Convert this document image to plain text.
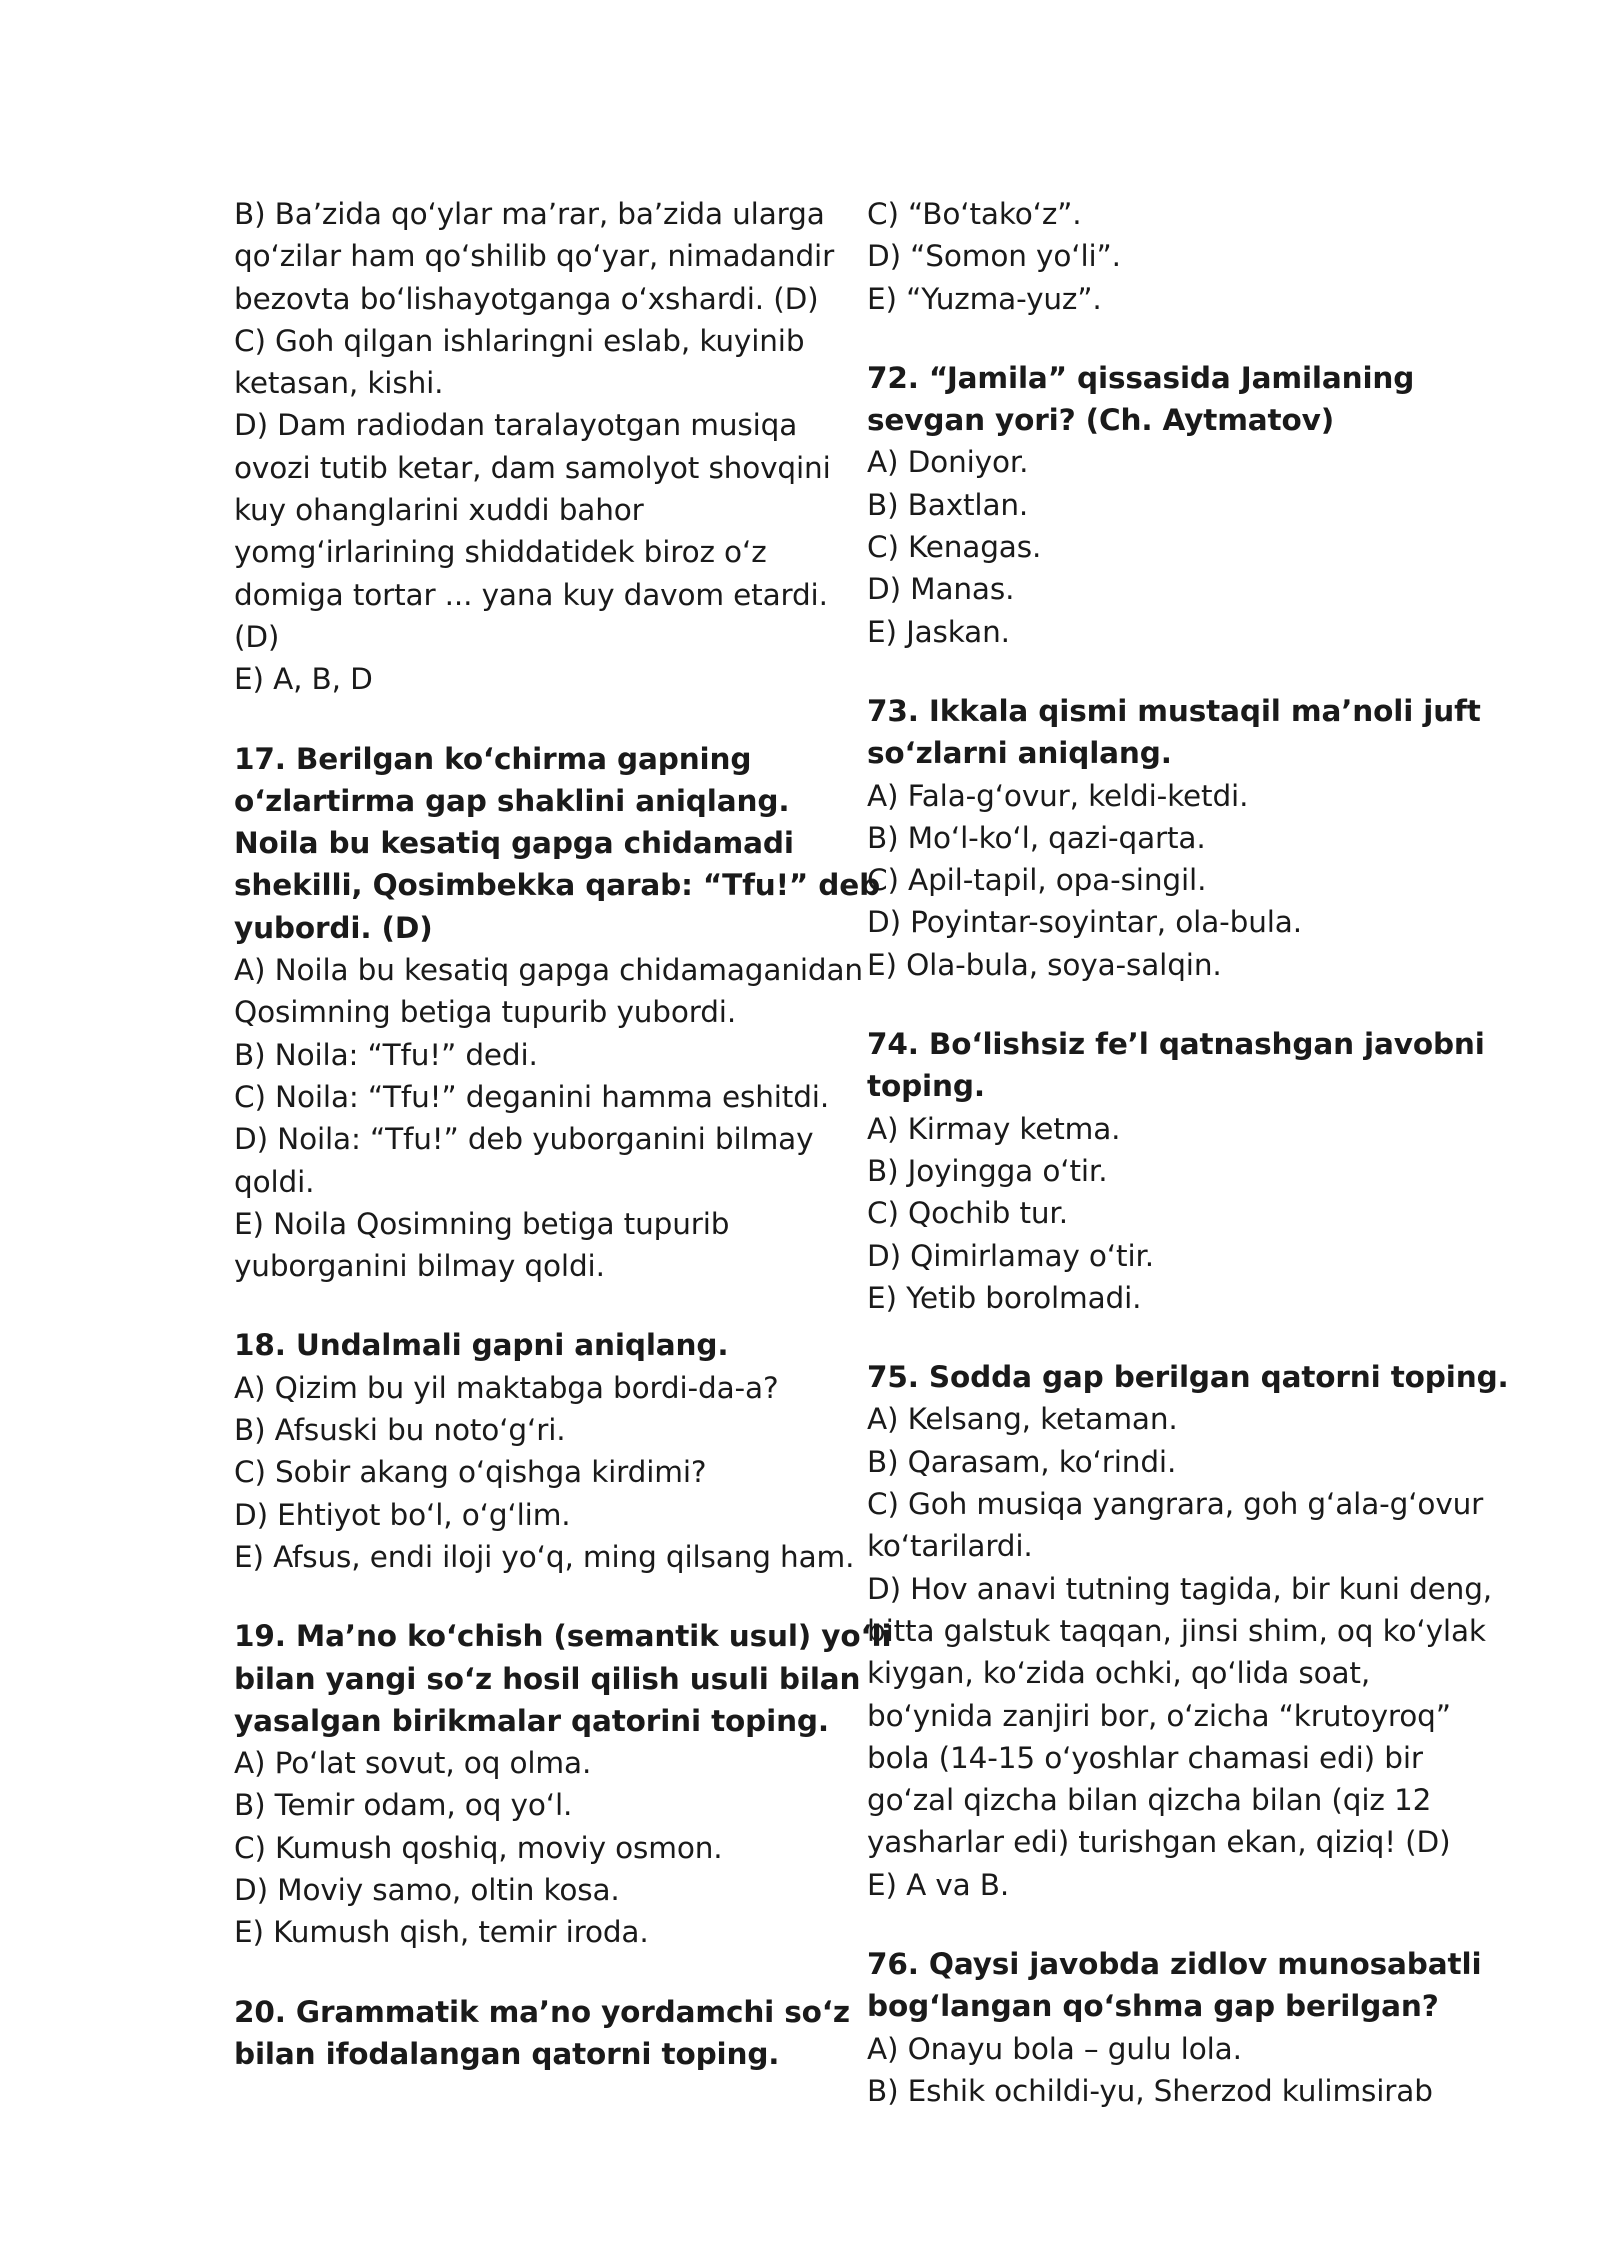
B) Ba’zida qo‘ylar ma’rar, ba’zida ularga
qo‘zilar ham qo‘shilib qo‘yar, nimadandir
bezovta bo‘lishayotganga o‘xshardi. (D)
C) Goh qilgan ishlaringni eslab, kuyinib
ketasan, kishi.
D) Dam radiodan taralayotgan musiqa
ovozi tutib ketar, dam samolyot shovqini
kuy ohanglarini xuddi bahor
yomg‘irlarining shiddatidek biroz o‘z
domiga tortar ... yana kuy davom etardi.
(D)
E) A, B, D
17. Berilgan ko‘chirma gapning
o‘zlartirma gap shaklini aniqlang.
Noila bu kesatiq gapga chidamadi
shekilli, Qosimbekka qarab: “Tfu!” deb
yubordi. (D)
A) Noila bu kesatiq gapga chidamaganidan
Qosimning betiga tupurib yubordi.
B) Noila: “Tfu!” dedi.
C) Noila: “Tfu!” deganini hamma eshitdi.
D) Noila: “Tfu!” deb yuborganini bilmay
qoldi.
E) Noila Qosimning betiga tupurib
yuborganini bilmay qoldi.
18. Undalmali gapni aniqlang.
A) Qizim bu yil maktabga bordi-da-a?
B) Afsuski bu noto‘g‘ri.
C) Sobir akang o‘qishga kirdimi?
D) Ehtiyot bo‘l, o‘g‘lim.
E) Afsus, endi iloji yo‘q, ming qilsang ham.
19. Ma’no ko‘chish (semantik usul) yo‘li
bilan yangi so‘z hosil qilish usuli bilan
yasalgan birikmalar qatorini toping.
A) Po‘lat sovut, oq olma.
B) Temir odam, oq yo‘l.
C) Kumush qoshiq, moviy osmon.
D) Moviy samo, oltin kosa.
E) Kumush qish, temir iroda.
20. Grammatik ma’no yordamchi so‘z
bilan ifodalangan qatorni toping.
C) “Bo‘tako‘z”.
D) “Somon yo‘li”.
E) “Yuzma-yuz”.
72. “Jamila” qissasida Jamilaning
sevgan yori? (Ch. Aytmatov)
A) Doniyor.
B) Baxtlan.
C) Kenagas.
D) Manas.
E) Jaskan.
73. Ikkala qismi mustaqil ma’noli juft
so‘zlarni aniqlang.
A) Fala-g‘ovur, keldi-ketdi.
B) Mo‘l-ko‘l, qazi-qarta.
C) Apil-tapil, opa-singil.
D) Poyintar-soyintar, ola-bula.
E) Ola-bula, soya-salqin.
74. Bo‘lishsiz fe’l qatnashgan javobni
toping.
A) Kirmay ketma.
B) Joyingga o‘tir.
C) Qochib tur.
D) Qimirlamay o‘tir.
E) Yetib borolmadi.
75. Sodda gap berilgan qatorni toping.
A) Kelsang, ketaman.
B) Qarasam, ko‘rindi.
C) Goh musiqa yangrara, goh g‘ala-g‘ovur
ko‘tarilardi.
D) Hov anavi tutning tagida, bir kuni deng,
bitta galstuk taqqan, jinsi shim, oq ko‘ylak
kiygan, ko‘zida ochki, qo‘lida soat,
bo‘ynida zanjiri bor, o‘zicha “krutoyroq”
bola (14-15 o‘yoshlar chamasi edi) bir
go‘zal qizcha bilan qizcha bilan (qiz 12
yasharlar edi) turishgan ekan, qiziq! (D)
E) A va B.
76. Qaysi javobda zidlov munosabatli
bog‘langan qo‘shma gap berilgan?
A) Onayu bola – gulu lola.
B) Eshik ochildi-yu, Sherzod kulimsirab
